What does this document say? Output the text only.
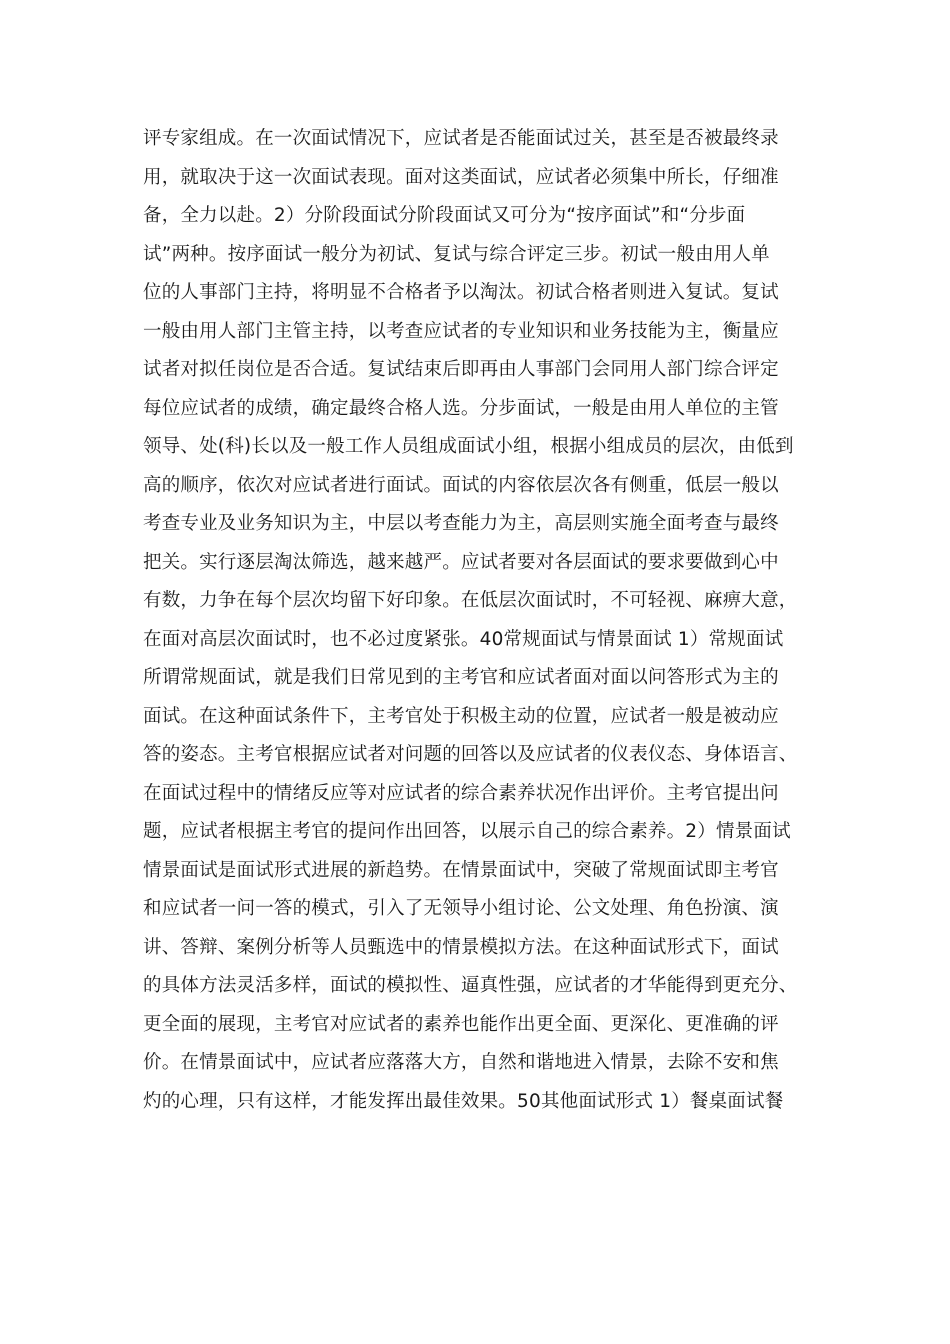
评专家组成。在一次面试情况下，应试者是否能面试过关，甚至是否被最终录
用，就取决于这一次面试表现。面对这类面试，应试者必须集中所长，仔细准
备，全力以赴。2）分阶段面试分阶段面试又可分为“按序面试”和“分步面
试”两种。按序面试一般分为初试、复试与综合评定三步。初试一般由用人单
位的人事部门主持，将明显不合格者予以淘汰。初试合格者则进入复试。复试
一般由用人部门主管主持，以考查应试者的专业知识和业务技能为主，衡量应
试者对拟任岗位是否合适。复试结束后即再由人事部门会同用人部门综合评定
每位应试者的成绩，确定最终合格人选。分步面试，一般是由用人单位的主管
领导、处(科)长以及一般工作人员组成面试小组，根据小组成员的层次，由低到
高的顺序，依次对应试者进行面试。面试的内容依层次各有侧重，低层一般以
考查专业及业务知识为主，中层以考查能力为主，高层则实施全面考查与最终
把关。实行逐层淘汰筛选，越来越严。应试者要对各层面试的要求要做到心中
有数，力争在每个层次均留下好印象。在低层次面试时，不可轻视、麻痹大意，
在面对高层次面试时，也不必过度紧张。40常规面试与情景面试 1）常规面试
所谓常规面试，就是我们日常见到的主考官和应试者面对面以问答形式为主的
面试。在这种面试条件下，主考官处于积极主动的位置，应试者一般是被动应
答的姿态。主考官根据应试者对问题的回答以及应试者的仪表仪态、身体语言、
在面试过程中的情绪反应等对应试者的综合素养状况作出评价。主考官提出问
题，应试者根据主考官的提问作出回答，以展示自己的综合素养。2）情景面试
情景面试是面试形式进展的新趋势。在情景面试中，突破了常规面试即主考官
和应试者一问一答的模式，引入了无领导小组讨论、公文处理、角色扮演、演
讲、答辩、案例分析等人员甄选中的情景模拟方法。在这种面试形式下，面试
的具体方法灵活多样，面试的模拟性、逼真性强，应试者的才华能得到更充分、
更全面的展现，主考官对应试者的素养也能作出更全面、更深化、更准确的评
价。在情景面试中，应试者应落落大方，自然和谐地进入情景，去除不安和焦
灼的心理，只有这样，才能发挥出最佳效果。50其他面试形式 1）餐桌面试餐
